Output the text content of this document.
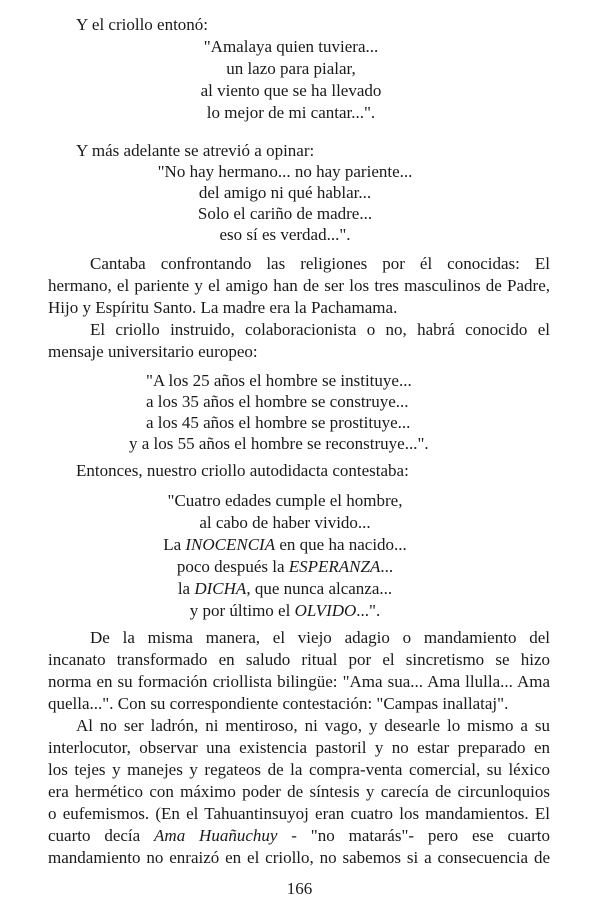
Y el criollo entonó:
"Amalaya quien tuviera...
un lazo para pialar,
al viento que se ha llevado
lo mejor de mi cantar...".
Y más adelante se atrevió a opinar:
"No hay hermano... no hay pariente...
del amigo ni qué hablar...
Solo el cariño de madre...
eso sí es verdad...".
Cantaba confrontando las religiones por él conocidas: El
hermano, el pariente y el amigo han de ser los tres masculinos de Padre,
Hijo y Espíritu Santo. La madre era la Pachamama.
El criollo instruido, colaboracionista o no, habrá conocido el
mensaje universitario europeo:
"A los 25 años el hombre se instituye...
a los 35 años el hombre se construye...
a los 45 años el hombre se prostituye...
y a los 55 años el hombre se reconstruye...".
Entonces, nuestro criollo autodidacta contestaba:
"Cuatro edades cumple el hombre,
al cabo de haber vivido...
La INOCENCIA en que ha nacido...
poco después la ESPERANZA...
la DICHA, que nunca alcanza...
y por último el OLVIDO...".
De la misma manera, el viejo adagio o mandamiento del
incanato transformado en saludo ritual por el sincretismo se hizo
norma en su formación criollista bilingüe: "Ama sua... Ama llulla... Ama
quella...". Con su correspondiente contestación: "Campas inallataj".
Al no ser ladrón, ni mentiroso, ni vago, y desearle lo mismo a su
interlocutor, observar una existencia pastoril y no estar preparado en
los tejes y manejes y regateos de la compra-venta comercial, su léxico
era hermético con máximo poder de síntesis y carecía de circunloquios
o eufemismos. (En el Tahuantinsuyoj eran cuatro los mandamientos. El
cuarto decía Ama Huañuchuy - "no matarás"- pero ese cuarto
mandamiento no enraizó en el criollo, no sabemos si a consecuencia de
166
